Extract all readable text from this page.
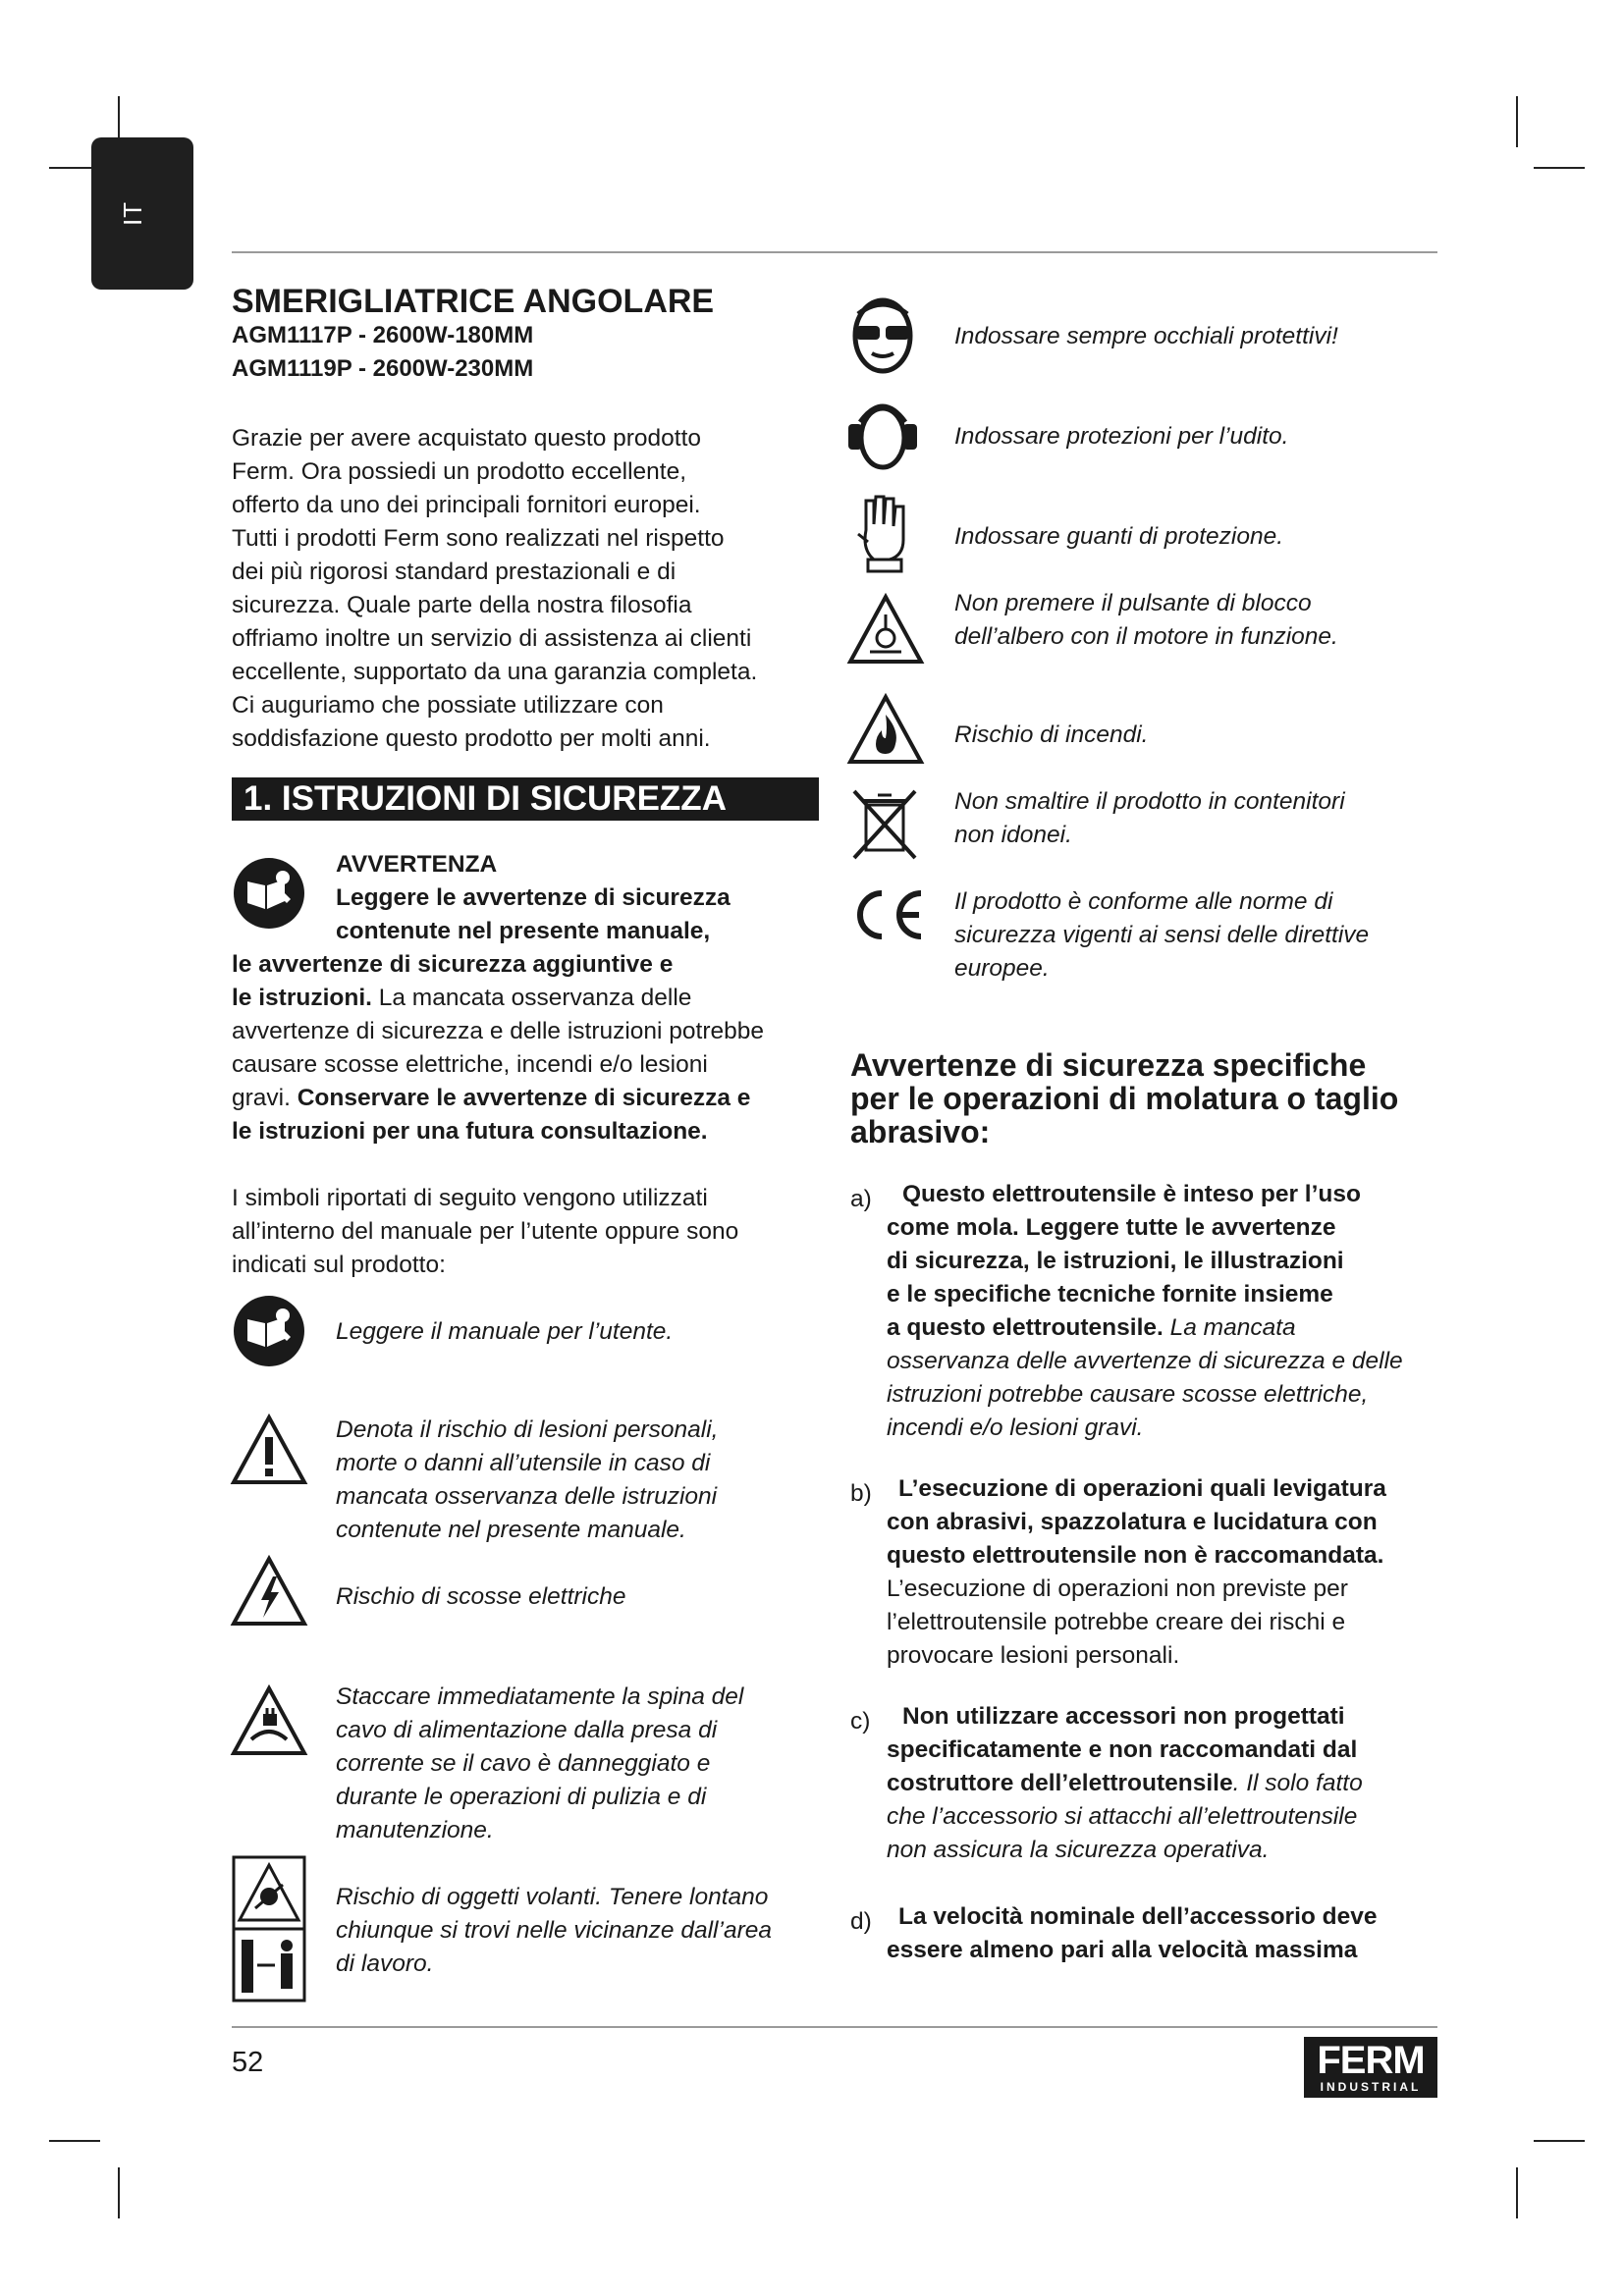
IT
SMERIGLIATRICE ANGOLARE
AGM1117P - 2600W-180MM
AGM1119P - 2600W-230MM

Grazie per avere acquistato questo prodotto

Ferm. Ora possiedi un prodotto eccellente,

offerto da uno dei principali fornitori europei.

Tutti i prodotti Ferm sono realizzati nel rispetto

dei più rigorosi standard prestazionali e di

sicurezza. Quale parte della nostra filosofia

offriamo inoltre un servizio di assistenza ai clienti

eccellente, supportato da una garanzia completa.

Ci auguriamo che possiate utilizzare con

soddisfazione questo prodotto per molti anni.

1. ISTRUZIONI DI SICUREZZA
AVVERTENZA
Leggere le avvertenze di sicurezza
contenute nel presente manuale,
le avvertenze di sicurezza aggiuntive e
le istruzioni. La mancata osservanza delle
avvertenze di sicurezza e delle istruzioni potrebbe
causare scosse elettriche, incendi e/o lesioni
gravi. Conservare le avvertenze di sicurezza e
le istruzioni per una futura consultazione.

I simboli riportati di seguito vengono utilizzati

all’interno del manuale per l’utente oppure sono

indicati sul prodotto:

Leggere il manuale per l’utente.
Denota il rischio di lesioni personali,
morte o danni all’utensile in caso di
mancata osservanza delle istruzioni
contenute nel presente manuale.
Rischio di scosse elettriche
Staccare immediatamente la spina del
cavo di alimentazione dalla presa di
corrente se il cavo è danneggiato e
durante le operazioni di pulizia e di
manutenzione.
Rischio di oggetti volanti. Tenere lontano
chiunque si trovi nelle vicinanze dall’area
di lavoro.
Indossare sempre occhiali protettivi!
Indossare protezioni per l’udito.
Indossare guanti di protezione.
Non premere il pulsante di blocco
dell’albero con il motore in funzione.
Rischio di incendi.
Non smaltire il prodotto in contenitori
non idonei.
Il prodotto è conforme alle norme di
sicurezza vigenti ai sensi delle direttive
europee.
Avvertenze di sicurezza specifiche
per le operazioni di molatura o taglio
abrasivo:
a) Questo elettroutensile è inteso per l’uso
come mola. Leggere tutte le avvertenze
di sicurezza, le istruzioni, le illustrazioni
e le specifiche tecniche fornite insieme
a questo elettroutensile. La mancata
osservanza delle avvertenze di sicurezza e delle
istruzioni potrebbe causare scosse elettriche,
incendi e/o lesioni gravi.
b) L’esecuzione di operazioni quali levigatura
con abrasivi, spazzolatura e lucidatura con
questo elettroutensile non è raccomandata.
L’esecuzione di operazioni non previste per
l’elettroutensile potrebbe creare dei rischi e
provocare lesioni personali.
c) Non utilizzare accessori non progettati
specificatamente e non raccomandati dal
costruttore dell’elettroutensile. Il solo fatto
che l’accessorio si attacchi all’elettroutensile
non assicura la sicurezza operativa.
d) La velocità nominale dell’accessorio deve
essere almeno pari alla velocità massima
52	FERM
INDUSTRIAL
